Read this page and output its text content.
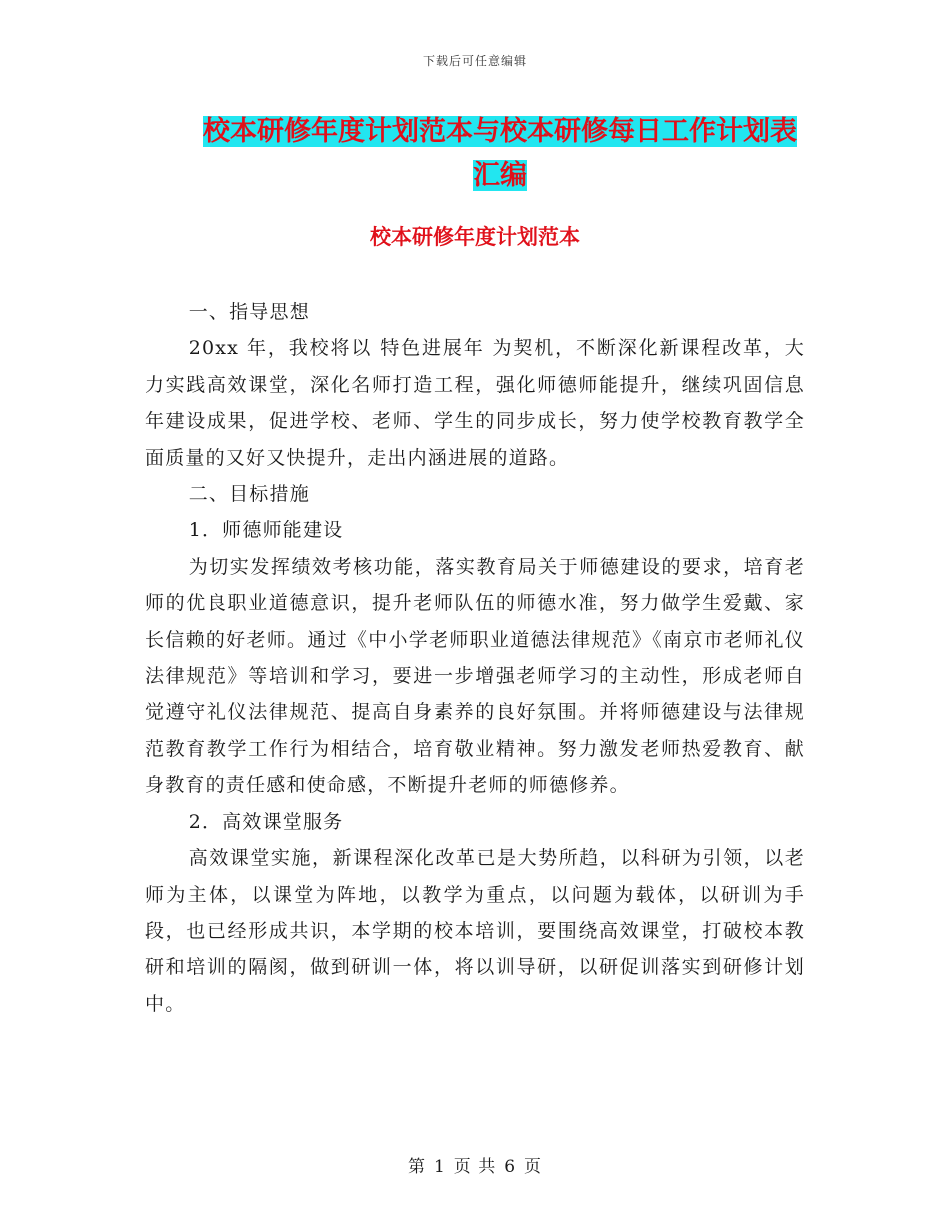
下载后可任意编辑
校本研修年度计划范本与校本研修每日工作计划表汇编
校本研修年度计划范本

一、指导思想

20xx 年，我校将以 特色进展年 为契机，不断深化新课程改革，大力实践高效课堂，深化名师打造工程，强化师德师能提升，继续巩固信息年建设成果，促进学校、老师、学生的同步成长，努力使学校教育教学全面质量的又好又快提升，走出内涵进展的道路。

二、目标措施

1．师德师能建设

为切实发挥绩效考核功能，落实教育局关于师德建设的要求，培育老师的优良职业道德意识，提升老师队伍的师德水准，努力做学生爱戴、家长信赖的好老师。通过《中小学老师职业道德法律规范》《南京市老师礼仪法律规范》等培训和学习，要进一步增强老师学习的主动性，形成老师自觉遵守礼仪法律规范、提高自身素养的良好氛围。并将师德建设与法律规范教育教学工作行为相结合，培育敬业精神。努力激发老师热爱教育、献身教育的责任感和使命感，不断提升老师的师德修养。

2．高效课堂服务

高效课堂实施，新课程深化改革已是大势所趋，以科研为引领，以老师为主体，以课堂为阵地，以教学为重点，以问题为载体，以研训为手段，也已经形成共识，本学期的校本培训，要围绕高效课堂，打破校本教研和培训的隔阂，做到研训一体，将以训导研，以研促训落实到研修计划中。

第 1 页 共 6 页
